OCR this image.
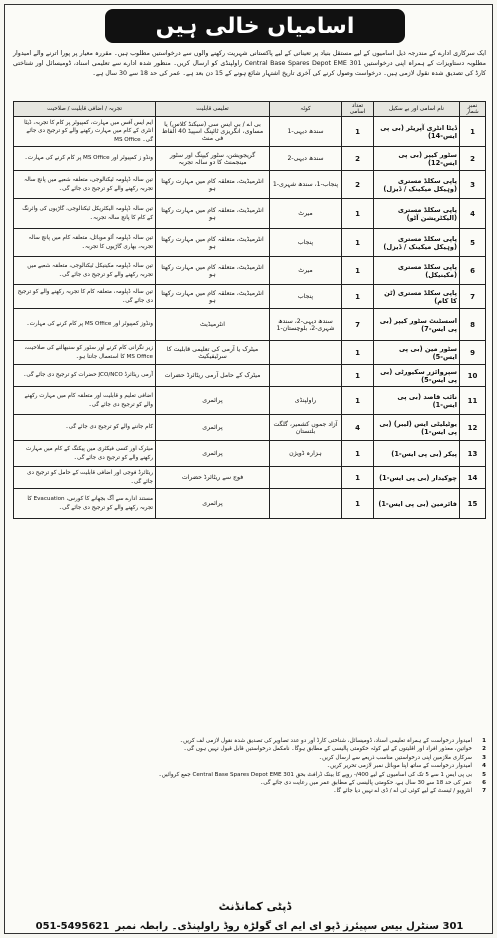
اسامیاں خالی ہیں

ایک سرکاری ادارے کے مندرجہ ذیل اسامیوں کے لیے مستقل بنیاد پر تعیناتی کے لیے پاکستانی شہریت رکھنے والوں سے درخواستیں مطلوب ہیں۔ مقررہ معیار پر پورا اترنے والے امیدوار مطلوبہ دستاویزات کے ہمراہ اپنی درخواستیں 301 Central Base Spares Depot EME راولپنڈی کو ارسال کریں۔ منظور شدہ ادارے سے تعلیمی اسناد، ڈومیسائل اور شناختی کارڈ کی تصدیق شدہ نقول لازمی ہیں۔ درخواست وصول کرنے کی آخری تاریخ اشتہار شائع ہونے کے 15 دن بعد ہے۔ عمر کی حد 18 سے 30 سال ہے۔

نمبر شمار	نام اسامی اور بے سکیل	تعداد اسامی	کوٹہ	تعلیمی قابلیت	تجربہ / اضافی قابلیت / صلاحیت
1	ڈیٹا انٹری آپریٹر (بی پی ایس-14)	1	سندھ دیہی-1	بی اے / بی ایس سی (سیکنڈ کلاس) یا مساوی، انگریزی ٹائپنگ اسپیڈ 40 الفاظ فی منٹ	ایم ایس آفس میں مہارت، کمپیوٹر پر کام کا تجربہ، ڈیٹا انٹری کے کام میں مہارت رکھنے والے کو ترجیح دی جائے گی۔ MS Office
2	سٹور کیپر (بی پی ایس-12)	2	سندھ دیہی-2	گریجویشن، سٹور کیپنگ اور سٹور مینجمنٹ کا دو سالہ تجربہ	ونڈو ز کمپیوٹر اور MS Office پر کام کرنے کی مہارت۔
3	پاپی سکلڈ مستری (وہیکل میکینک / ڈیزل)	2	پنجاب-1، سندھ شہری-1	انٹرمیڈیٹ، متعلقہ کام میں مہارت رکھتا ہو	تین سالہ ڈپلومہ ٹیکنالوجی، متعلقہ شعبے میں پانچ سالہ تجربہ رکھنے والے کو ترجیح دی جائے گی۔
4	پاپی سکلڈ مستری (الیکٹریشن آٹو)	1	میرٹ	انٹرمیڈیٹ، متعلقہ کام میں مہارت رکھتا ہو	تین سالہ ڈپلومہ الیکٹریکل ٹیکنالوجی، گاڑیوں کی وائرنگ کے کام کا پانچ سالہ تجربہ۔
5	پاپی سکلڈ مستری (وہیکل میکینک / ڈیزل)	1	پنجاب	انٹرمیڈیٹ، متعلقہ کام میں مہارت رکھتا ہو	تین سالہ ڈپلومہ آٹو موبائل، متعلقہ کام میں پانچ سالہ تجربہ، بھاری گاڑیوں کا تجربہ۔
6	پاپی سکلڈ مستری (مکینیکل)	1	میرٹ	انٹرمیڈیٹ، متعلقہ کام میں مہارت رکھتا ہو	تین سالہ ڈپلومہ مکینیکل ٹیکنالوجی، متعلقہ شعبے میں تجربہ رکھنے والے کو ترجیح دی جائے گی۔
7	پاپی سکلڈ مستری (ٹن کا کام)	1	پنجاب	انٹرمیڈیٹ، متعلقہ کام میں مہارت رکھتا ہو	تین سالہ ڈپلومہ، متعلقہ کام کا تجربہ رکھنے والے کو ترجیح دی جائے گی۔
8	اسسٹنٹ سٹور کیپر (بی پی ایس-7)	7	سندھ دیہی-2، سندھ شہری-2، بلوچستان-1	انٹرمیڈیٹ	ونڈوز کمپیوٹر اور MS Office پر کام کرنے کی مہارت۔
9	سٹور مین (بی پی ایس-5)	1		میٹرک یا آرمی کی تعلیمی قابلیت کا سرٹیفیکیٹ	زیر نگرانی کام کرنے اور سٹور کو سنبھالنے کی صلاحیت، MS Office کا استعمال جانتا ہو۔
10	سپروائزر سکیورٹی (بی پی ایس-5)	1		میٹرک کے حامل آرمی ریٹائرڈ حضرات	آرمی ریٹائرڈ JCO/NCO حضرات کو ترجیح دی جائے گی۔
11	نائب قاصد (بی پی ایس-1)	1	راولپنڈی	پرائمری	اضافی تعلیم و قابلیت اور متعلقہ کام میں مہارت رکھنے والے کو ترجیح دی جائے گی۔
12	یوٹیلیٹی ایس (لیبر) (بی پی ایس-1)	4	آزاد جموں کشمیر، گلگت بلتستان	پرائمری	کام جاننے والے کو ترجیح دی جائے گی۔
13	پیکر (بی پی ایس-1)	1	ہزارہ ڈویژن	پرائمری	میٹرک اور کسی فیکٹری میں پیکنگ کے کام میں مہارت رکھنے والے کو ترجیح دی جائے گی۔
14	چوکیدار (بی پی ایس-1)	1		فوج سے ریٹائرڈ حضرات	ریٹائرڈ فوجی اور اضافی قابلیت کے حامل کو ترجیح دی جائے گی۔
15	فائرمین (بی پی ایس-1)	1		پرائمری	مستند ادارے سے آگ بجھانے کا کورس، Evacuation کا تجربہ رکھنے والے کو ترجیح دی جائے گی۔
1
امیدوار درخواست کے ہمراہ تعلیمی اسناد، ڈومیسائل، شناختی کارڈ اور دو عدد تصاویر کی تصدیق شدہ نقول لازمی لف کریں۔
2
خواتین، معذور افراد اور اقلیتوں کے لیے کوٹہ حکومتی پالیسی کے مطابق ہوگا۔ نامکمل درخواستیں قابل قبول نہیں ہوں گی۔
3
سرکاری ملازمین اپنی درخواستیں مناسب ذریعے سے ارسال کریں۔
4
امیدوار درخواست کے ساتھ اپنا موبائل نمبر لازمی تحریر کریں۔
5
بی پی ایس 1 سے 5 تک کی اسامیوں کے لیے 400/- روپے کا بینک ڈرافٹ بحق 301 Central Base Spares Depot EME جمع کروائیں۔
6
عمر کی حد 18 سے 30 سال ہے، حکومتی پالیسی کے مطابق عمر میں رعایت دی جائے گی۔
7
انٹرویو / ٹیسٹ کے لیے کوئی ٹی اے / ڈی اے نہیں دیا جائے گا۔
ڈپٹی کمانڈنٹ
301 سنٹرل بیس سپیئرز ڈپو ای ایم ای گولڑہ روڈ راولپنڈی۔ رابطہ نمبر
051-5495621
